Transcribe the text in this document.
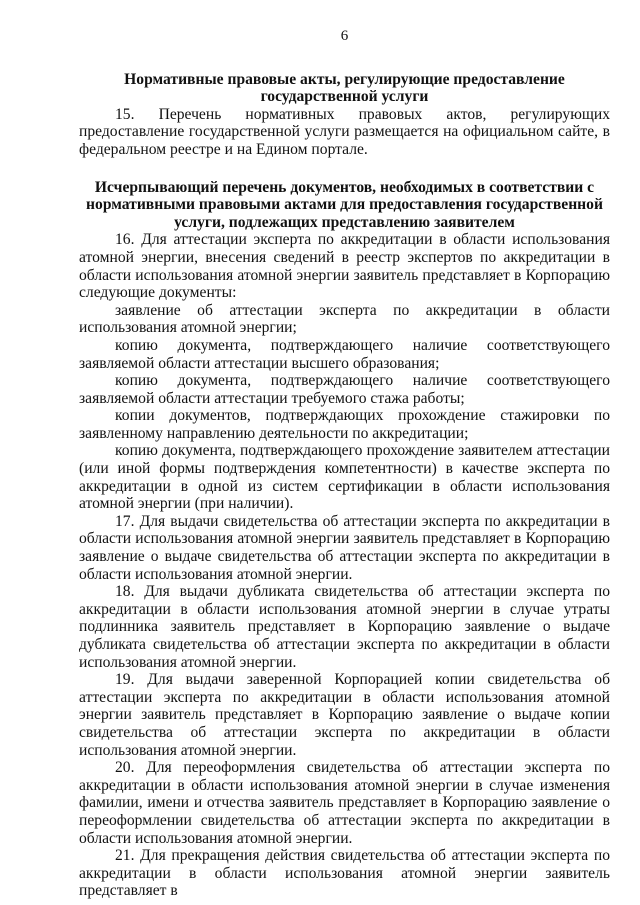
6
Нормативные правовые акты, регулирующие предоставление государственной услуги
15. Перечень нормативных правовых актов, регулирующих предоставление государственной услуги размещается на официальном сайте, в федеральном реестре и на Едином портале.
Исчерпывающий перечень документов, необходимых в соответствии с нормативными правовыми актами для предоставления государственной услуги, подлежащих представлению заявителем
16. Для аттестации эксперта по аккредитации в области использования атомной энергии, внесения сведений в реестр экспертов по аккредитации в области использования атомной энергии заявитель представляет в Корпорацию следующие документы:
заявление об аттестации эксперта по аккредитации в области использования атомной энергии;
копию документа, подтверждающего наличие соответствующего заявляемой области аттестации высшего образования;
копию документа, подтверждающего наличие соответствующего заявляемой области аттестации требуемого стажа работы;
копии документов, подтверждающих прохождение стажировки по заявленному направлению деятельности по аккредитации;
копию документа, подтверждающего прохождение заявителем аттестации (или иной формы подтверждения компетентности) в качестве эксперта по аккредитации в одной из систем сертификации в области использования атомной энергии (при наличии).
17. Для выдачи свидетельства об аттестации эксперта по аккредитации в области использования атомной энергии заявитель представляет в Корпорацию заявление о выдаче свидетельства об аттестации эксперта по аккредитации в области использования атомной энергии.
18. Для выдачи дубликата свидетельства об аттестации эксперта по аккредитации в области использования атомной энергии в случае утраты подлинника заявитель представляет в Корпорацию заявление о выдаче дубликата свидетельства об аттестации эксперта по аккредитации в области использования атомной энергии.
19. Для выдачи заверенной Корпорацией копии свидетельства об аттестации эксперта по аккредитации в области использования атомной энергии заявитель представляет в Корпорацию заявление о выдаче копии свидетельства об аттестации эксперта по аккредитации в области использования атомной энергии.
20. Для переоформления свидетельства об аттестации эксперта по аккредитации в области использования атомной энергии в случае изменения фамилии, имени и отчества заявитель представляет в Корпорацию заявление о переоформлении свидетельства об аттестации эксперта по аккредитации в области использования атомной энергии.
21. Для прекращения действия свидетельства об аттестации эксперта по аккредитации в области использования атомной энергии заявитель представляет в
